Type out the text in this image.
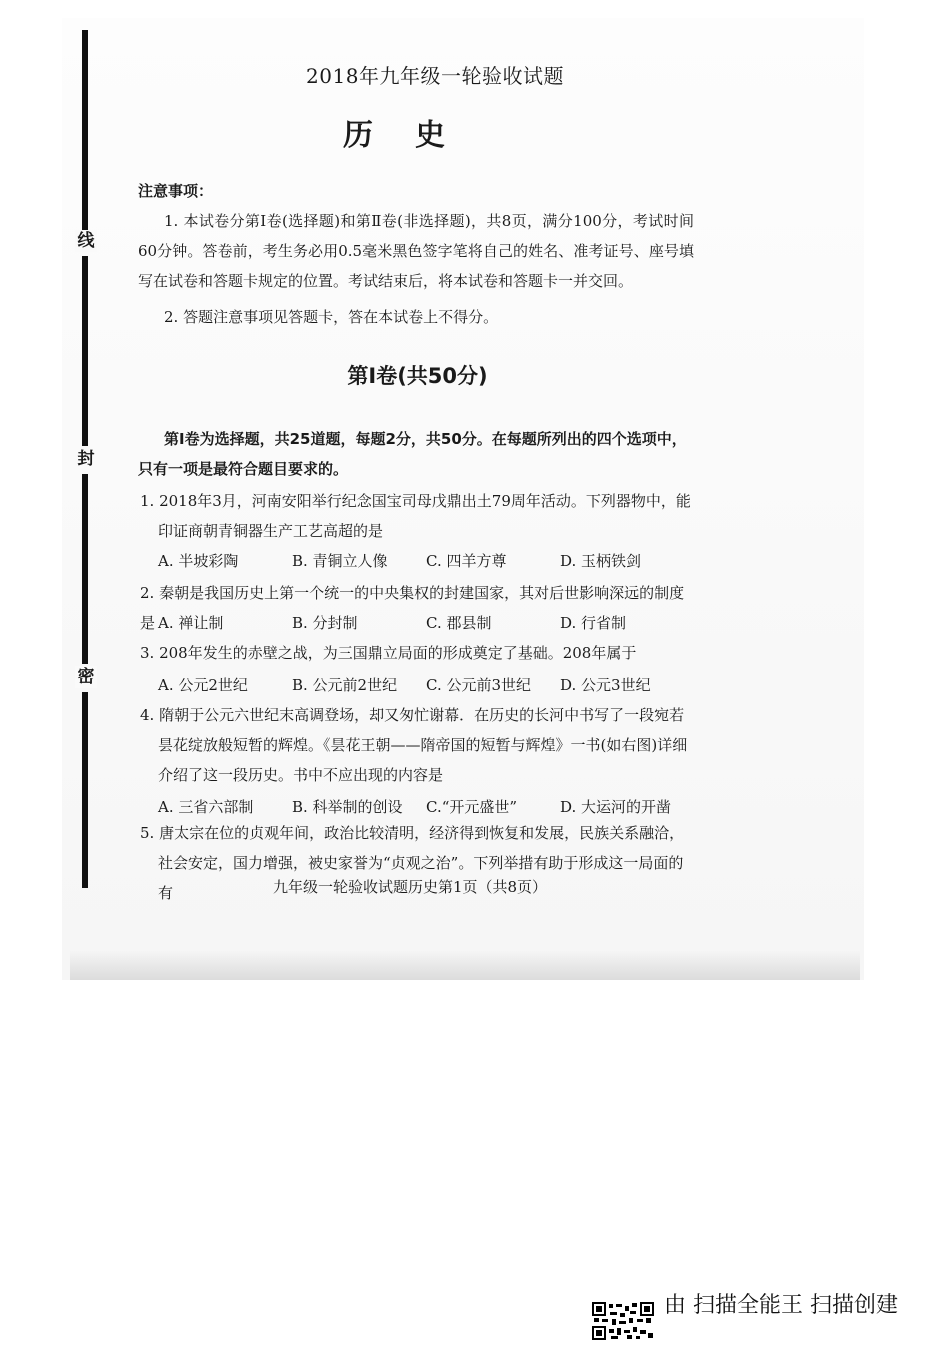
线
封
密
2018年九年级一轮验收试题
历史
注意事项：
1. 本试卷分第Ⅰ卷(选择题)和第Ⅱ卷(非选择题)，共8页，满分100分，考试时间60分钟。答卷前，考生务必用0.5毫米黑色签字笔将自己的姓名、准考证号、座号填写在试卷和答题卡规定的位置。考试结束后，将本试卷和答题卡一并交回。
2. 答题注意事项见答题卡，答在本试卷上不得分。
第Ⅰ卷(共50分)
第Ⅰ卷为选择题，共25道题，每题2分，共50分。在每题所列出的四个选项中，只有一项是最符合题目要求的。
1. 2018年3月，河南安阳举行纪念国宝司母戊鼎出土79周年活动。下列器物中，能印证商朝青铜器生产工艺高超的是
A. 半坡彩陶	B. 青铜立人像	C. 四羊方尊	D. 玉柄铁剑
2. 秦朝是我国历史上第一个统一的中央集权的封建国家，其对后世影响深远的制度是 A. 禅让制	B. 分封制	C. 郡县制	D. 行省制
3. 208年发生的赤壁之战，为三国鼎立局面的形成奠定了基础。208年属于
A. 公元2世纪	B. 公元前2世纪 C. 公元前3世纪 D. 公元3世纪
4. 隋朝于公元六世纪末高调登场，却又匆忙谢幕．在历史的长河中书写了一段宛若昙花绽放般短暂的辉煌。《昙花王朝——隋帝国的短暂与辉煌》一书(如右图)详细介绍了这一段历史。书中不应出现的内容是
A. 三省六部制	B. 科举制的创设 C.“开元盛世”	D. 大运河的开凿
5. 唐太宗在位的贞观年间，政治比较清明，经济得到恢复和发展，民族关系融洽，社会安定，国力增强，被史家誉为“贞观之治”。下列举措有助于形成这一局面的有	九年级一轮验收试题历史第1页（共8页）
由 扫描全能王 扫描创建
